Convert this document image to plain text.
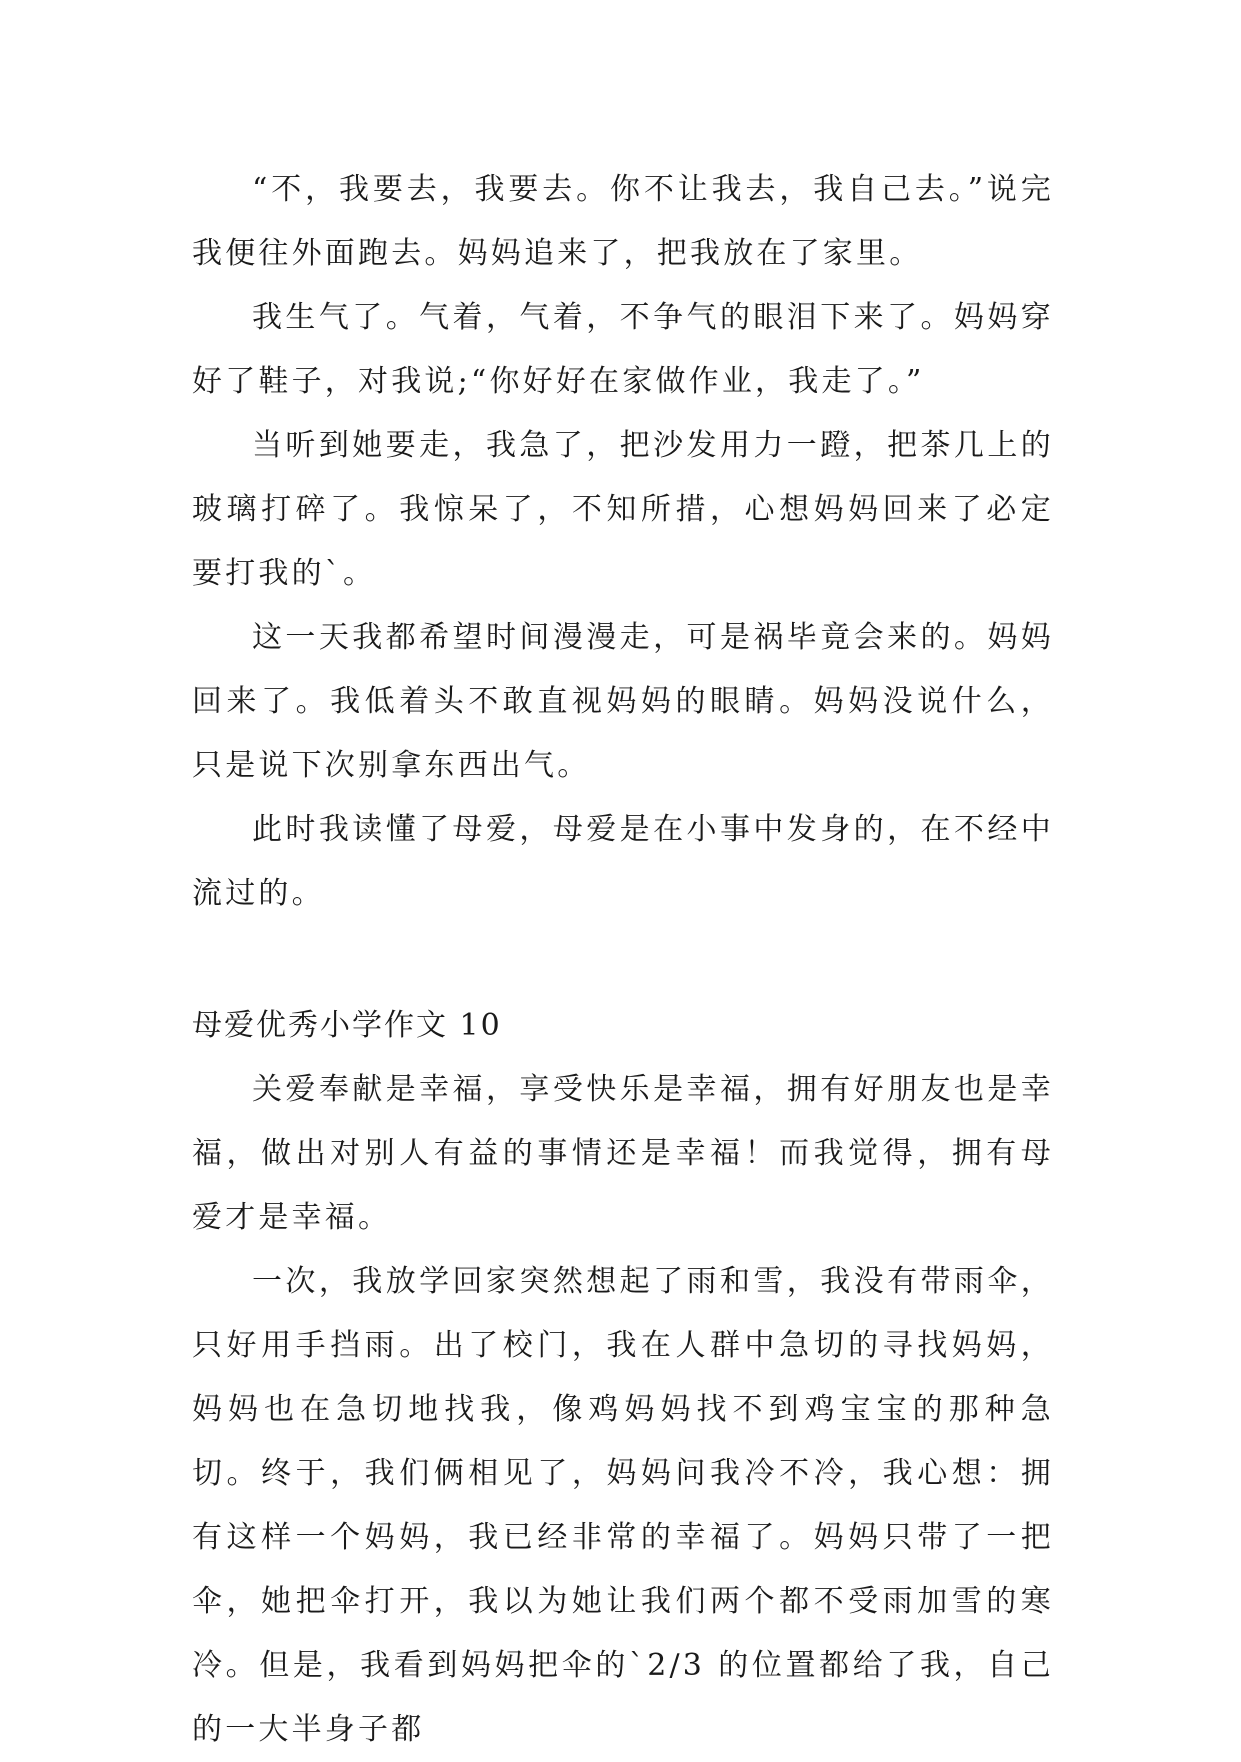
“不，我要去，我要去。你不让我去，我自己去。”说完我便往外面跑去。妈妈追来了，把我放在了家里。

我生气了。气着，气着，不争气的眼泪下来了。妈妈穿好了鞋子，对我说;“你好好在家做作业，我走了。”

当听到她要走，我急了，把沙发用力一蹬，把茶几上的玻璃打碎了。我惊呆了，不知所措，心想妈妈回来了必定要打我的`。

这一天我都希望时间漫漫走，可是祸毕竟会来的。妈妈回来了。我低着头不敢直视妈妈的眼睛。妈妈没说什么，只是说下次别拿东西出气。

此时我读懂了母爱，母爱是在小事中发身的，在不经中流过的。

母爱优秀小学作文 10

关爱奉献是幸福，享受快乐是幸福，拥有好朋友也是幸福，做出对别人有益的事情还是幸福！而我觉得，拥有母爱才是幸福。

一次，我放学回家突然想起了雨和雪，我没有带雨伞，只好用手挡雨。出了校门，我在人群中急切的寻找妈妈，妈妈也在急切地找我，像鸡妈妈找不到鸡宝宝的那种急切。终于，我们俩相见了，妈妈问我冷不冷，我心想：拥有这样一个妈妈，我已经非常的幸福了。妈妈只带了一把伞，她把伞打开，我以为她让我们两个都不受雨加雪的寒冷。但是，我看到妈妈把伞的`2/3 的位置都给了我，自己的一大半身子都
